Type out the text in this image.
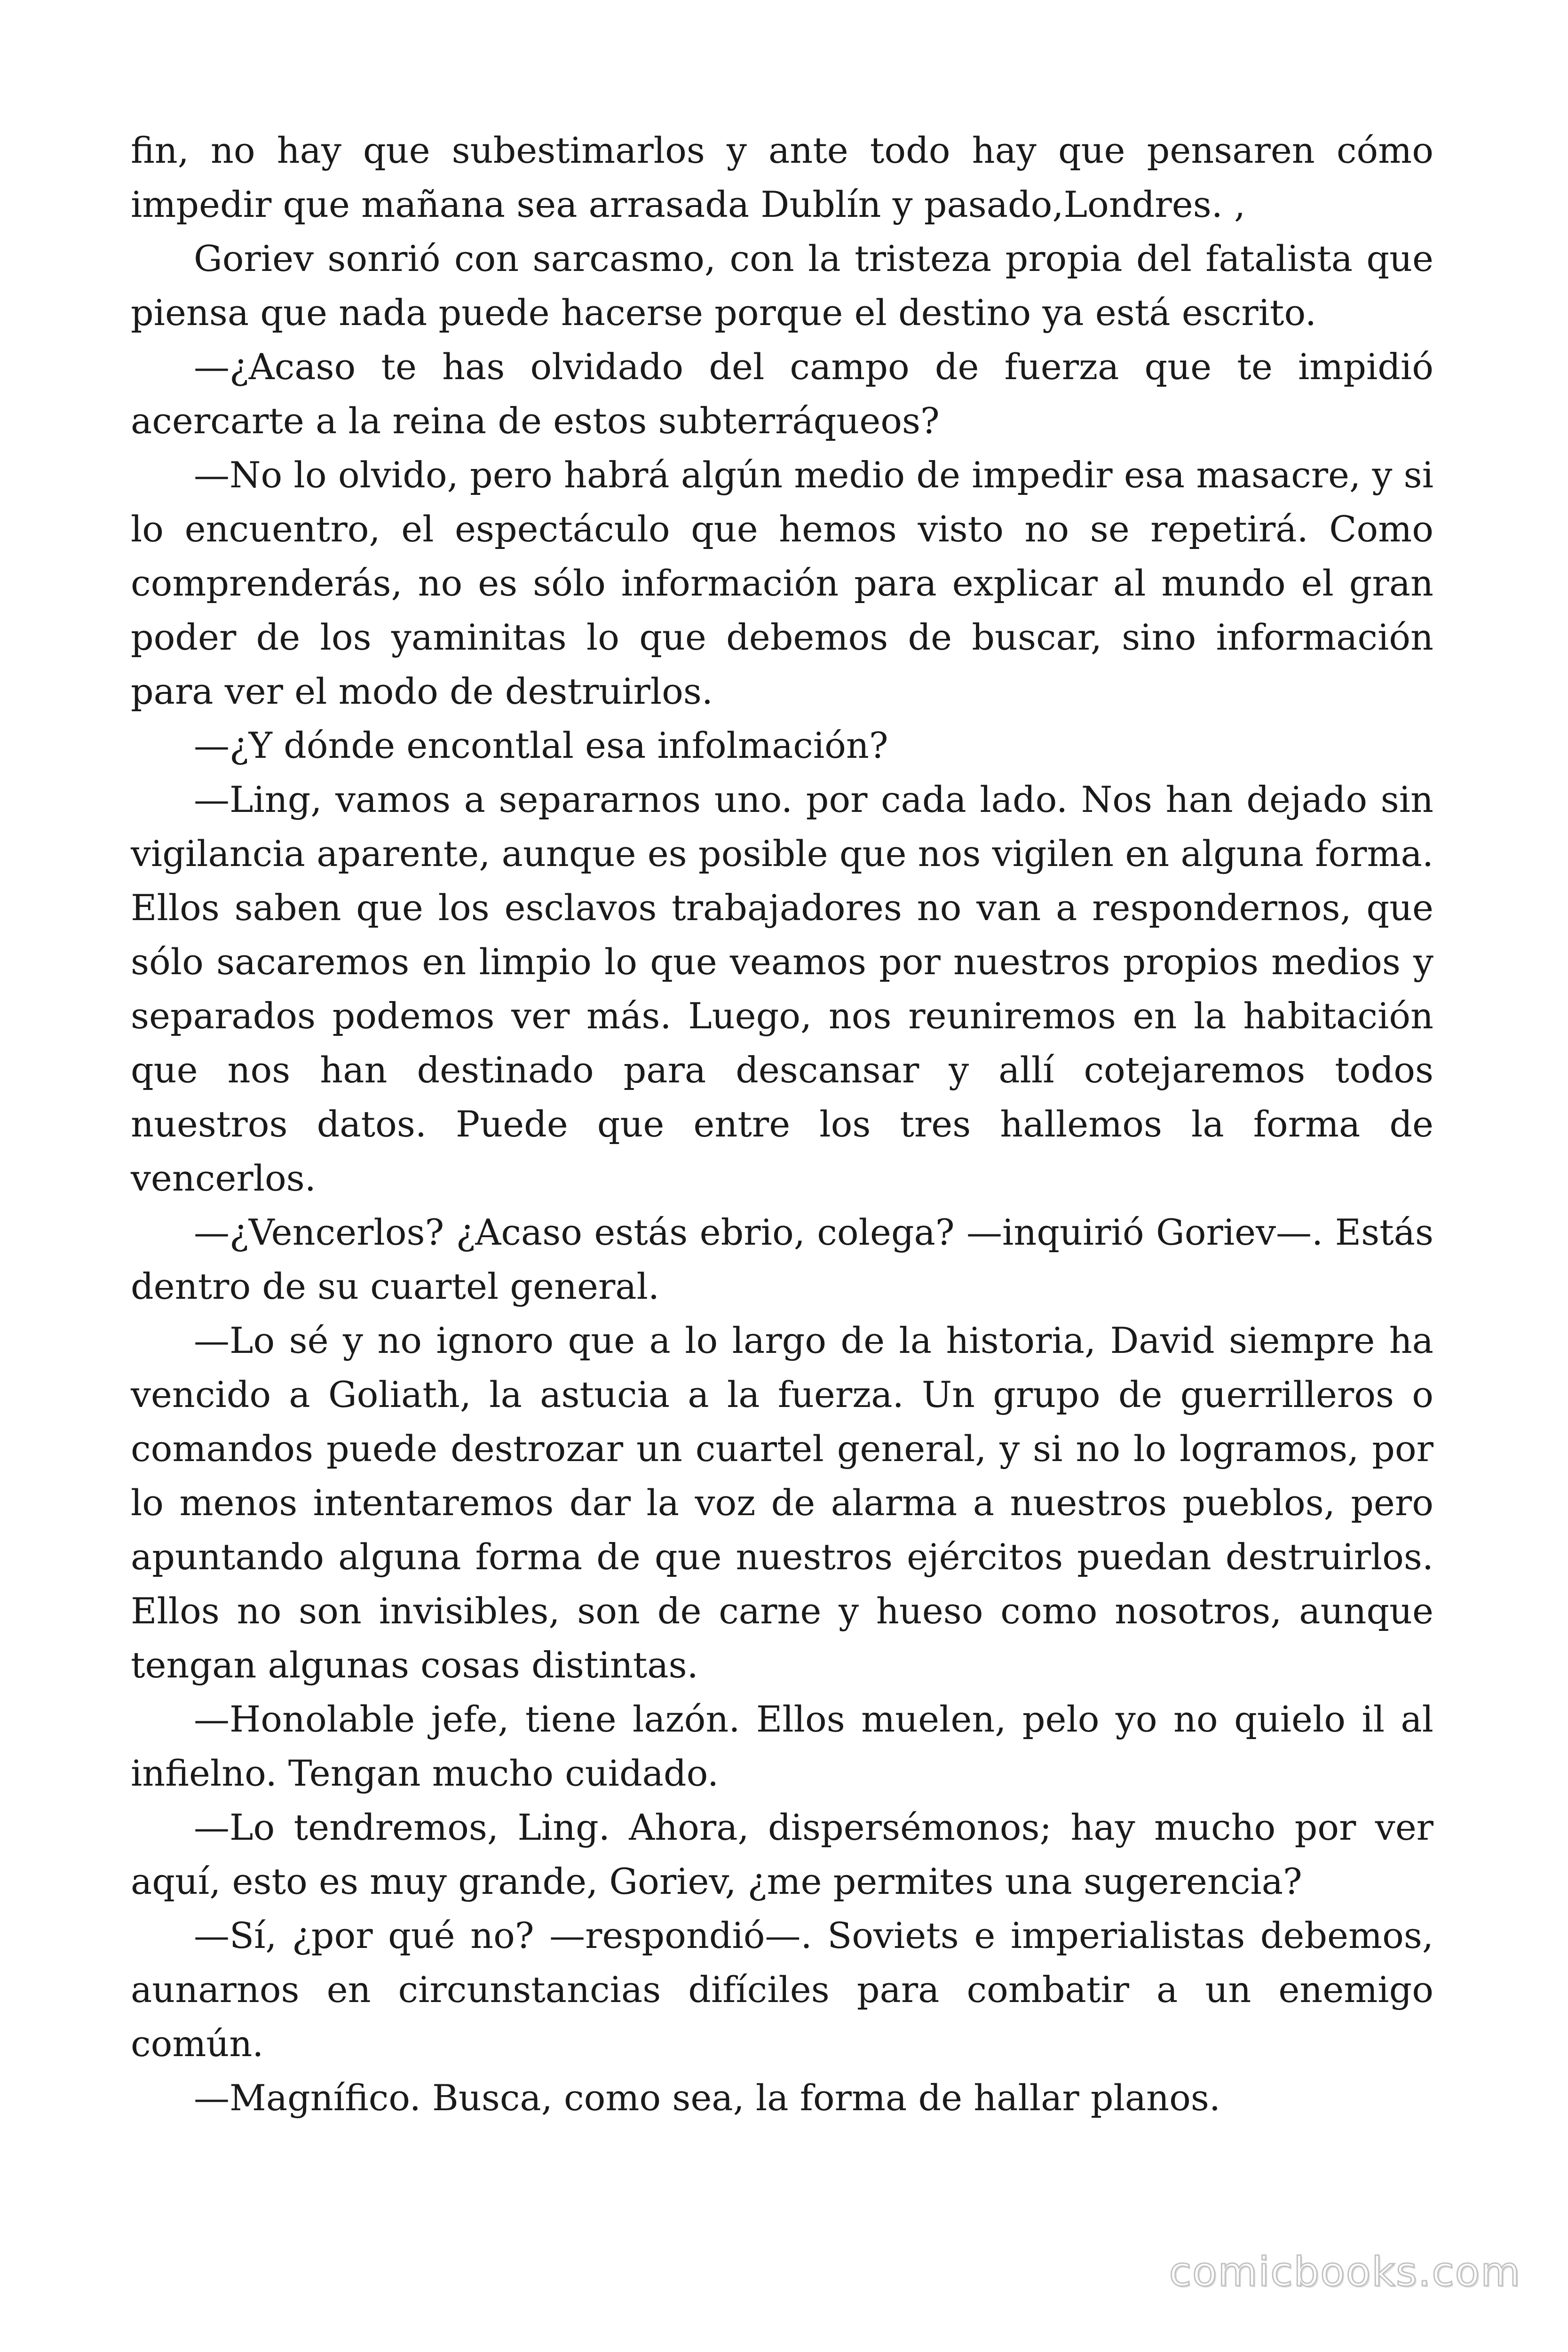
fin, no hay que subestimarlos y ante todo hay que pensaren cómo impedir que mañana sea arrasada Dublín y pasado,Londres. ,

Goriev sonrió con sarcasmo, con la tristeza propia del fatalista que piensa que nada puede hacerse porque el destino ya está escrito.

—¿Acaso te has olvidado del campo de fuerza que te impidió acercarte a la reina de estos subterráqueos?

—No lo olvido, pero habrá algún medio de impedir esa masacre, y si lo encuentro, el espectáculo que hemos visto no se repetirá. Como comprenderás, no es sólo información para explicar al mundo el gran poder de los yaminitas lo que debemos de buscar, sino información para ver el modo de destruirlos.

—¿Y dónde encontlal esa infolmación?

—Ling, vamos a separarnos uno. por cada lado. Nos han dejado sin vigilancia aparente, aunque es posible que nos vigilen en alguna forma. Ellos saben que los esclavos trabajadores no van a respondernos, que sólo sacaremos en limpio lo que veamos por nuestros propios medios y separados podemos ver más. Luego, nos reuniremos en la habitación que nos han destinado para descansar y allí cotejaremos todos nuestros datos. Puede que entre los tres hallemos la forma de vencerlos.

—¿Vencerlos? ¿Acaso estás ebrio, colega? —inquirió Goriev—. Estás dentro de su cuartel general.

—Lo sé y no ignoro que a lo largo de la historia, David siempre ha vencido a Goliath, la astucia a la fuerza. Un grupo de guerrilleros o comandos puede destrozar un cuartel general, y si no lo logramos, por lo menos intentaremos dar la voz de alarma a nuestros pueblos, pero apuntando alguna forma de que nuestros ejércitos puedan destruirlos. Ellos no son invisibles, son de carne y hueso como nosotros, aunque tengan algunas cosas distintas.

—Honolable jefe, tiene lazón. Ellos muelen, pelo yo no quielo il al infielno. Tengan mucho cuidado.

—Lo tendremos, Ling. Ahora, dispersémonos; hay mucho por ver aquí, esto es muy grande, Goriev, ¿me permites una sugerencia?

—Sí, ¿por qué no? —respondió—. Soviets e imperialistas debemos, aunarnos en circunstancias difíciles para combatir a un enemigo común.

—Magnífico. Busca, como sea, la forma de hallar planos.

comicbooks.com
